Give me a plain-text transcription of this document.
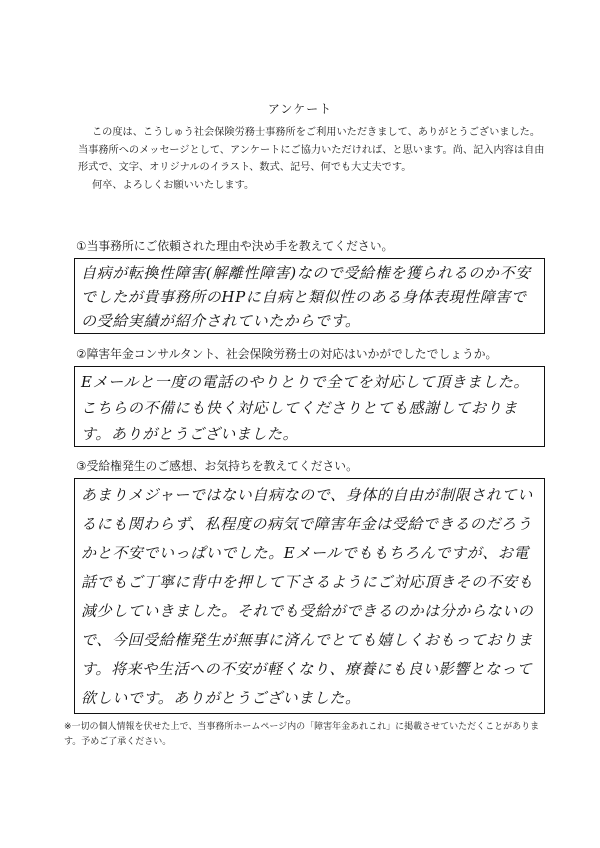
アンケート

この度は、こうしゅう社会保険労務士事務所をご利用いただきまして、ありがとうございました。当事務所へのメッセージとして、アンケートにご協力いただければ、と思います。尚、記入内容は自由形式で、文字、オリジナルのイラスト、数式、記号、何でも大丈夫です。

何卒、よろしくお願いいたします。

①当事務所にご依頼された理由や決め手を教えてください。
自病が転換性障害(解離性障害)なので受給権を獲られるのか不安でしたが貴事務所のHPに自病と類似性のある身体表現性障害での受給実績が紹介されていたからです。
②障害年金コンサルタント、社会保険労務士の対応はいかがでしたでしょうか。
Eメールと一度の電話のやりとりで全てを対応して頂きました。こちらの不備にも快く対応してくださりとても感謝しております。ありがとうございました。
③受給権発生のご感想、お気持ちを教えてください。
あまりメジャーではない自病なので、身体的自由が制限されているにも関わらず、私程度の病気で障害年金は受給できるのだろうかと不安でいっぱいでした。Eメールでももちろんですが、お電話でもご丁寧に背中を押して下さるようにご対応頂きその不安も減少していきました。それでも受給ができるのかは分からないので、今回受給権発生が無事に済んでとても嬉しくおもっております。将来や生活への不安が軽くなり、療養にも良い影響となって欲しいです。ありがとうございました。
※一切の個人情報を伏せた上で、当事務所ホームページ内の「障害年金あれこれ」に掲載させていただくことがあります。予めご了承ください。
